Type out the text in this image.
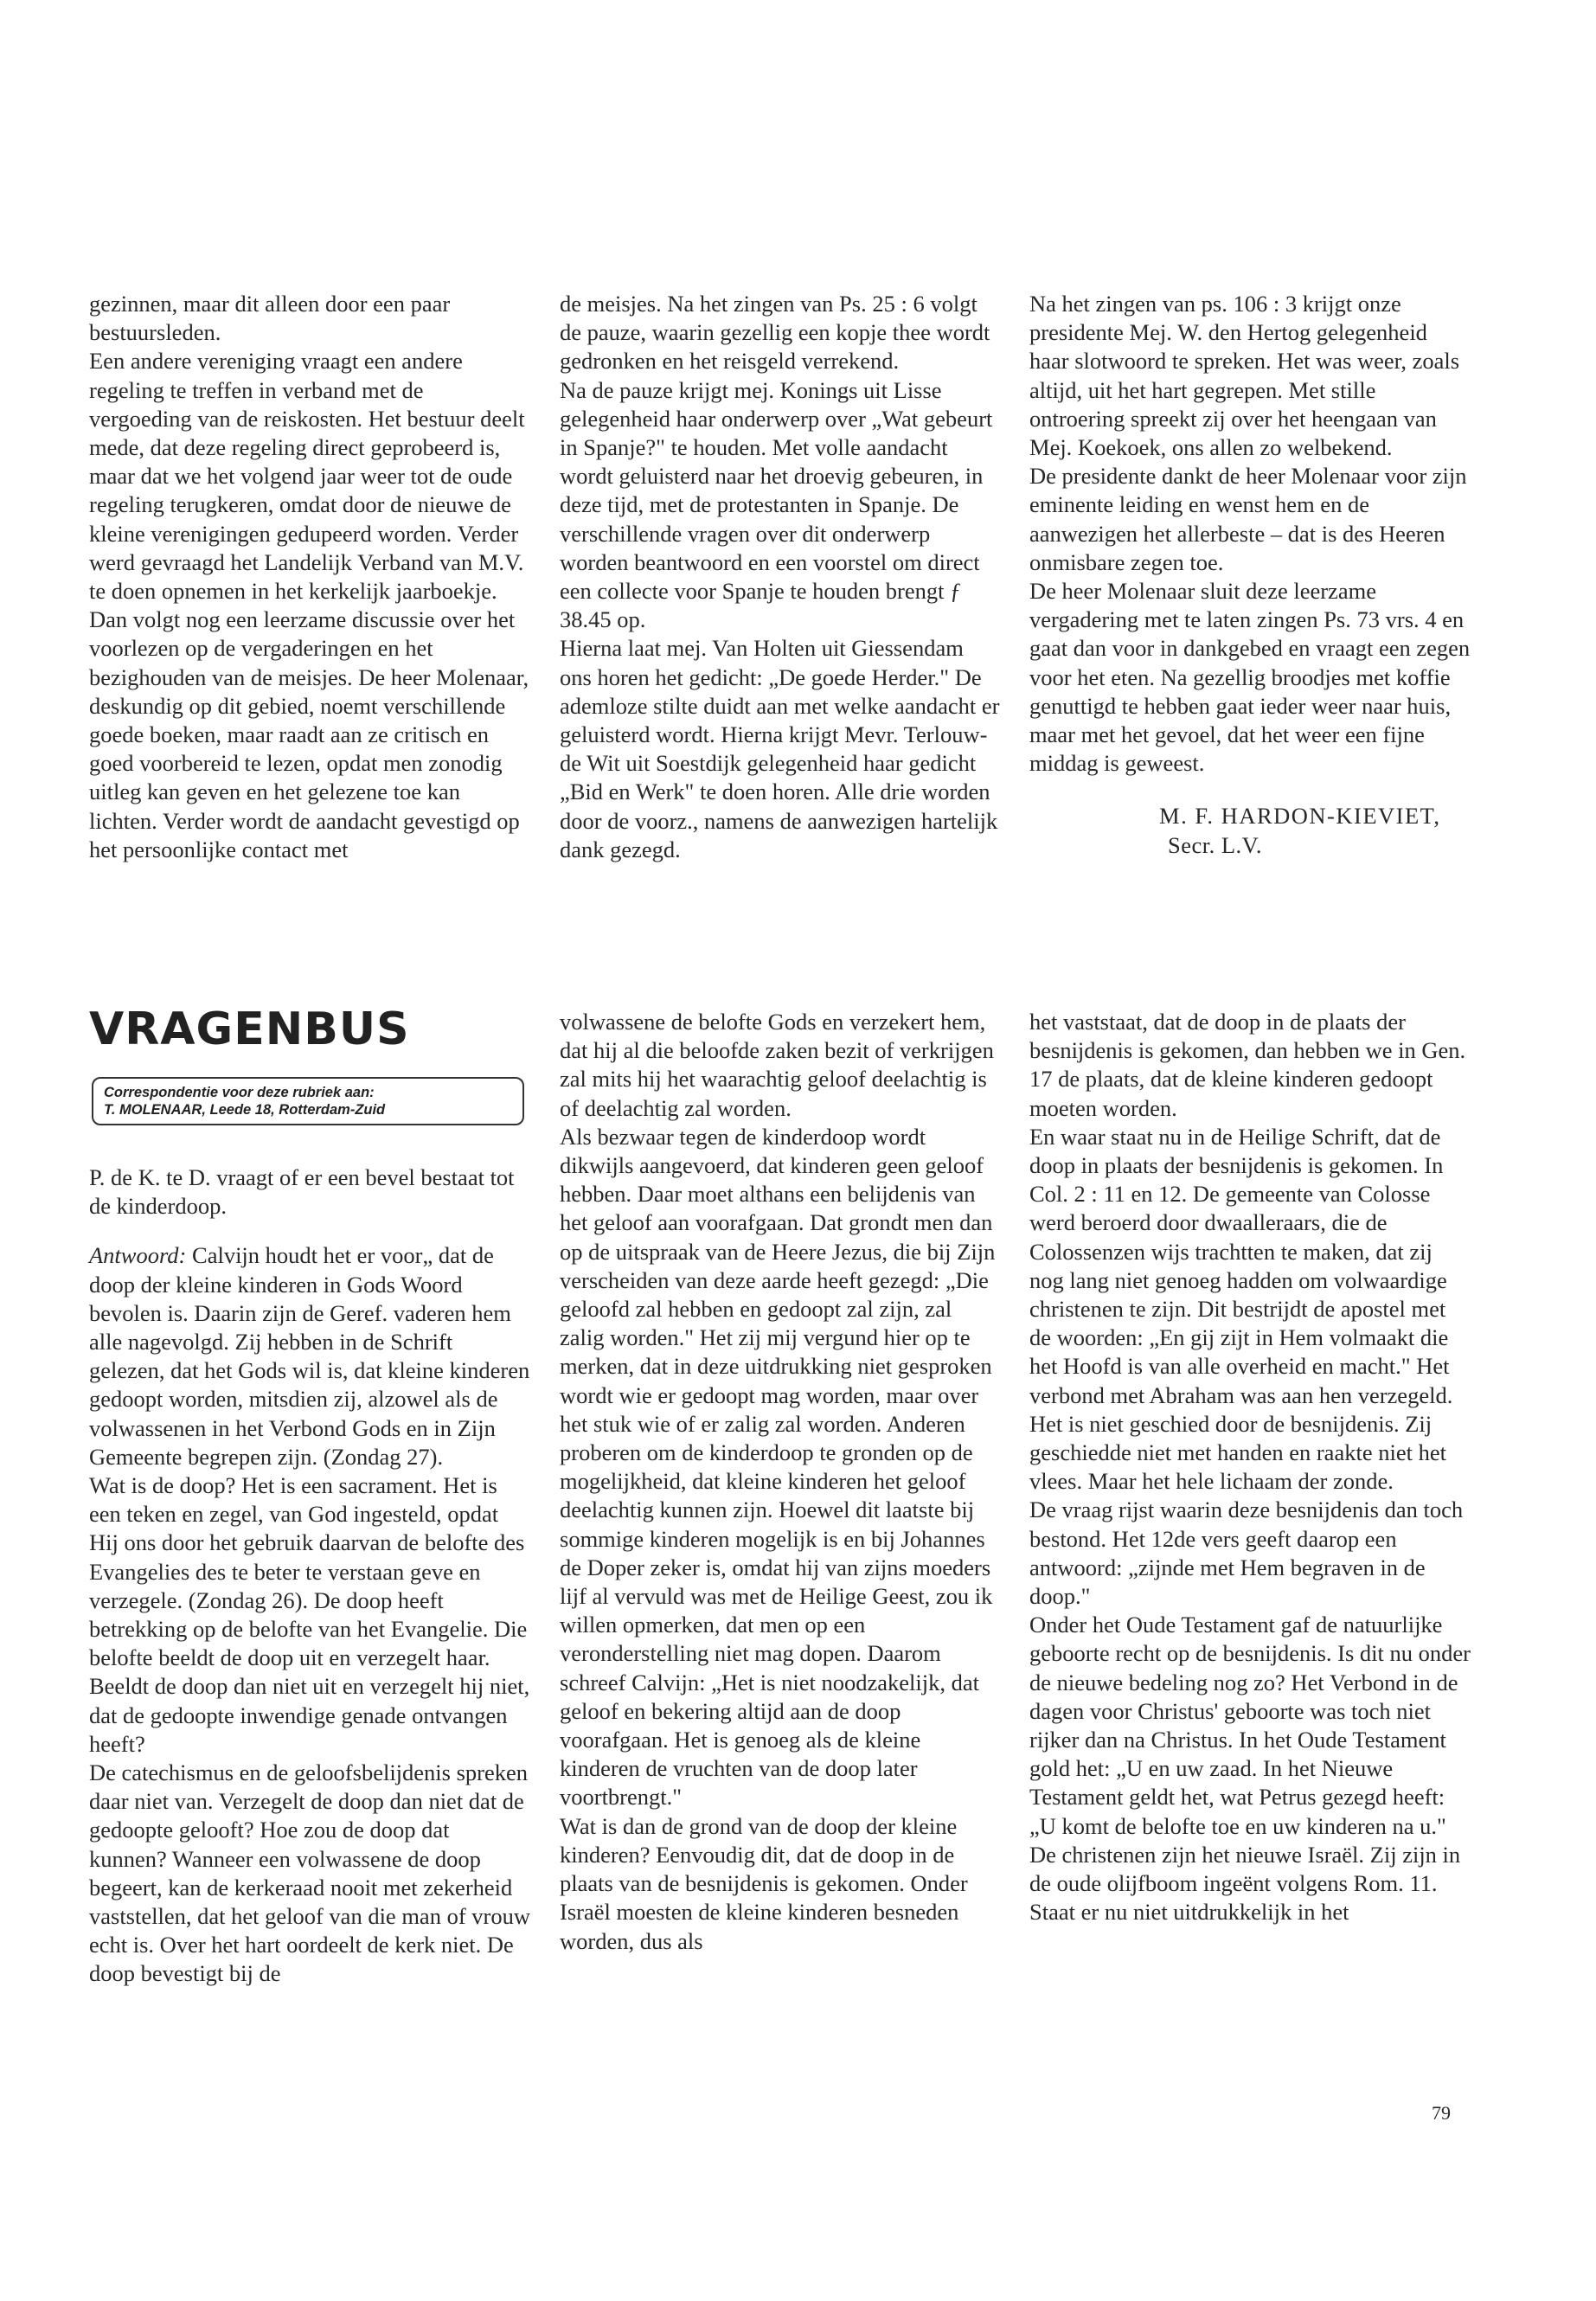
gezinnen, maar dit alleen door een paar bestuursleden.

Een andere vereniging vraagt een andere regeling te treffen in verband met de vergoeding van de reiskosten. Het bestuur deelt mede, dat deze regeling direct geprobeerd is, maar dat we het volgend jaar weer tot de oude regeling terugkeren, omdat door de nieuwe de kleine verenigingen gedupeerd worden. Verder werd gevraagd het Landelijk Verband van M.V. te doen opnemen in het kerkelijk jaarboekje.

Dan volgt nog een leerzame discussie over het voorlezen op de vergaderingen en het bezighouden van de meisjes. De heer Molenaar, deskundig op dit gebied, noemt verschillende goede boeken, maar raadt aan ze critisch en goed voorbereid te lezen, opdat men zonodig uitleg kan geven en het gelezene toe kan lichten. Verder wordt de aandacht gevestigd op het persoonlijke contact met

de meisjes. Na het zingen van Ps. 25 : 6 volgt de pauze, waarin gezellig een kopje thee wordt gedronken en het reisgeld verrekend.

Na de pauze krijgt mej. Konings uit Lisse gelegenheid haar onderwerp over „Wat gebeurt in Spanje?" te houden. Met volle aandacht wordt geluisterd naar het droevig gebeuren, in deze tijd, met de protestanten in Spanje. De verschillende vragen over dit onderwerp worden beantwoord en een voorstel om direct een collecte voor Spanje te houden brengt ƒ 38.45 op.

Hierna laat mej. Van Holten uit Giessendam ons horen het gedicht: „De goede Herder." De ademloze stilte duidt aan met welke aandacht er geluisterd wordt. Hierna krijgt Mevr. Terlouw-de Wit uit Soestdijk gelegenheid haar gedicht „Bid en Werk" te doen horen. Alle drie worden door de voorz., namens de aanwezigen hartelijk dank gezegd.

Na het zingen van ps. 106 : 3 krijgt onze presidente Mej. W. den Hertog gelegenheid haar slotwoord te spreken. Het was weer, zoals altijd, uit het hart gegrepen. Met stille ontroering spreekt zij over het heengaan van Mej. Koekoek, ons allen zo welbekend.

De presidente dankt de heer Molenaar voor zijn eminente leiding en wenst hem en de aanwezigen het allerbeste – dat is des Heeren onmisbare zegen toe.

De heer Molenaar sluit deze leerzame vergadering met te laten zingen Ps. 73 vrs. 4 en gaat dan voor in dankgebed en vraagt een zegen voor het eten. Na gezellig broodjes met koffie genuttigd te hebben gaat ieder weer naar huis, maar met het gevoel, dat het weer een fijne middag is geweest.

M. F. HARDON-KIEVIET,
Secr. L.V.
VRAGENBUS
Correspondentie voor deze rubriek aan:
T. MOLENAAR, Leede 18, Rotterdam-Zuid

P. de K. te D. vraagt of er een bevel bestaat tot de kinderdoop.

Antwoord: Calvijn houdt het er voor„ dat de doop der kleine kinderen in Gods Woord bevolen is. Daarin zijn de Geref. vaderen hem alle nagevolgd. Zij hebben in de Schrift gelezen, dat het Gods wil is, dat kleine kinderen gedoopt worden, mitsdien zij, alzowel als de volwassenen in het Verbond Gods en in Zijn Gemeente begrepen zijn. (Zondag 27).

Wat is de doop? Het is een sacrament. Het is een teken en zegel, van God ingesteld, opdat Hij ons door het gebruik daarvan de belofte des Evangelies des te beter te verstaan geve en verzegele. (Zondag 26). De doop heeft betrekking op de belofte van het Evangelie. Die belofte beeldt de doop uit en verzegelt haar. Beeldt de doop dan niet uit en verzegelt hij niet, dat de gedoopte inwendige genade ontvangen heeft?

De catechismus en de geloofsbelijdenis spreken daar niet van. Verzegelt de doop dan niet dat de gedoopte gelooft? Hoe zou de doop dat kunnen? Wanneer een volwassene de doop begeert, kan de kerkeraad nooit met zekerheid vaststellen, dat het geloof van die man of vrouw echt is. Over het hart oordeelt de kerk niet. De doop bevestigt bij de

volwassene de belofte Gods en verzekert hem, dat hij al die beloofde zaken bezit of verkrijgen zal mits hij het waarachtig geloof deelachtig is of deelachtig zal worden.

Als bezwaar tegen de kinderdoop wordt dikwijls aangevoerd, dat kinderen geen geloof hebben. Daar moet althans een belijdenis van het geloof aan voorafgaan. Dat grondt men dan op de uitspraak van de Heere Jezus, die bij Zijn verscheiden van deze aarde heeft gezegd: „Die geloofd zal hebben en gedoopt zal zijn, zal zalig worden." Het zij mij vergund hier op te merken, dat in deze uitdrukking niet gesproken wordt wie er gedoopt mag worden, maar over het stuk wie of er zalig zal worden. Anderen proberen om de kinderdoop te gronden op de mogelijkheid, dat kleine kinderen het geloof deelachtig kunnen zijn. Hoewel dit laatste bij sommige kinderen mogelijk is en bij Johannes de Doper zeker is, omdat hij van zijns moeders lijf al vervuld was met de Heilige Geest, zou ik willen opmerken, dat men op een veronderstelling niet mag dopen. Daarom schreef Calvijn: „Het is niet noodzakelijk, dat geloof en bekering altijd aan de doop voorafgaan. Het is genoeg als de kleine kinderen de vruchten van de doop later voortbrengt."

Wat is dan de grond van de doop der kleine kinderen? Eenvoudig dit, dat de doop in de plaats van de besnijdenis is gekomen. Onder Israël moesten de kleine kinderen besneden worden, dus als

het vaststaat, dat de doop in de plaats der besnijdenis is gekomen, dan hebben we in Gen. 17 de plaats, dat de kleine kinderen gedoopt moeten worden.

En waar staat nu in de Heilige Schrift, dat de doop in plaats der besnijdenis is gekomen. In Col. 2 : 11 en 12. De gemeente van Colosse werd beroerd door dwaalleraars, die de Colossenzen wijs trachtten te maken, dat zij nog lang niet genoeg hadden om volwaardige christenen te zijn. Dit bestrijdt de apostel met de woorden: „En gij zijt in Hem volmaakt die het Hoofd is van alle overheid en macht." Het verbond met Abraham was aan hen verzegeld. Het is niet geschied door de besnijdenis. Zij geschiedde niet met handen en raakte niet het vlees. Maar het hele lichaam der zonde.

De vraag rijst waarin deze besnijdenis dan toch bestond. Het 12de vers geeft daarop een antwoord: „zijnde met Hem begraven in de doop."

Onder het Oude Testament gaf de natuurlijke geboorte recht op de besnijdenis. Is dit nu onder de nieuwe bedeling nog zo? Het Verbond in de dagen voor Christus' geboorte was toch niet rijker dan na Christus. In het Oude Testament gold het: „U en uw zaad. In het Nieuwe Testament geldt het, wat Petrus gezegd heeft: „U komt de belofte toe en uw kinderen na u." De christenen zijn het nieuwe Israël. Zij zijn in de oude olijfboom ingeënt volgens Rom. 11. Staat er nu niet uitdrukkelijk in het

79
